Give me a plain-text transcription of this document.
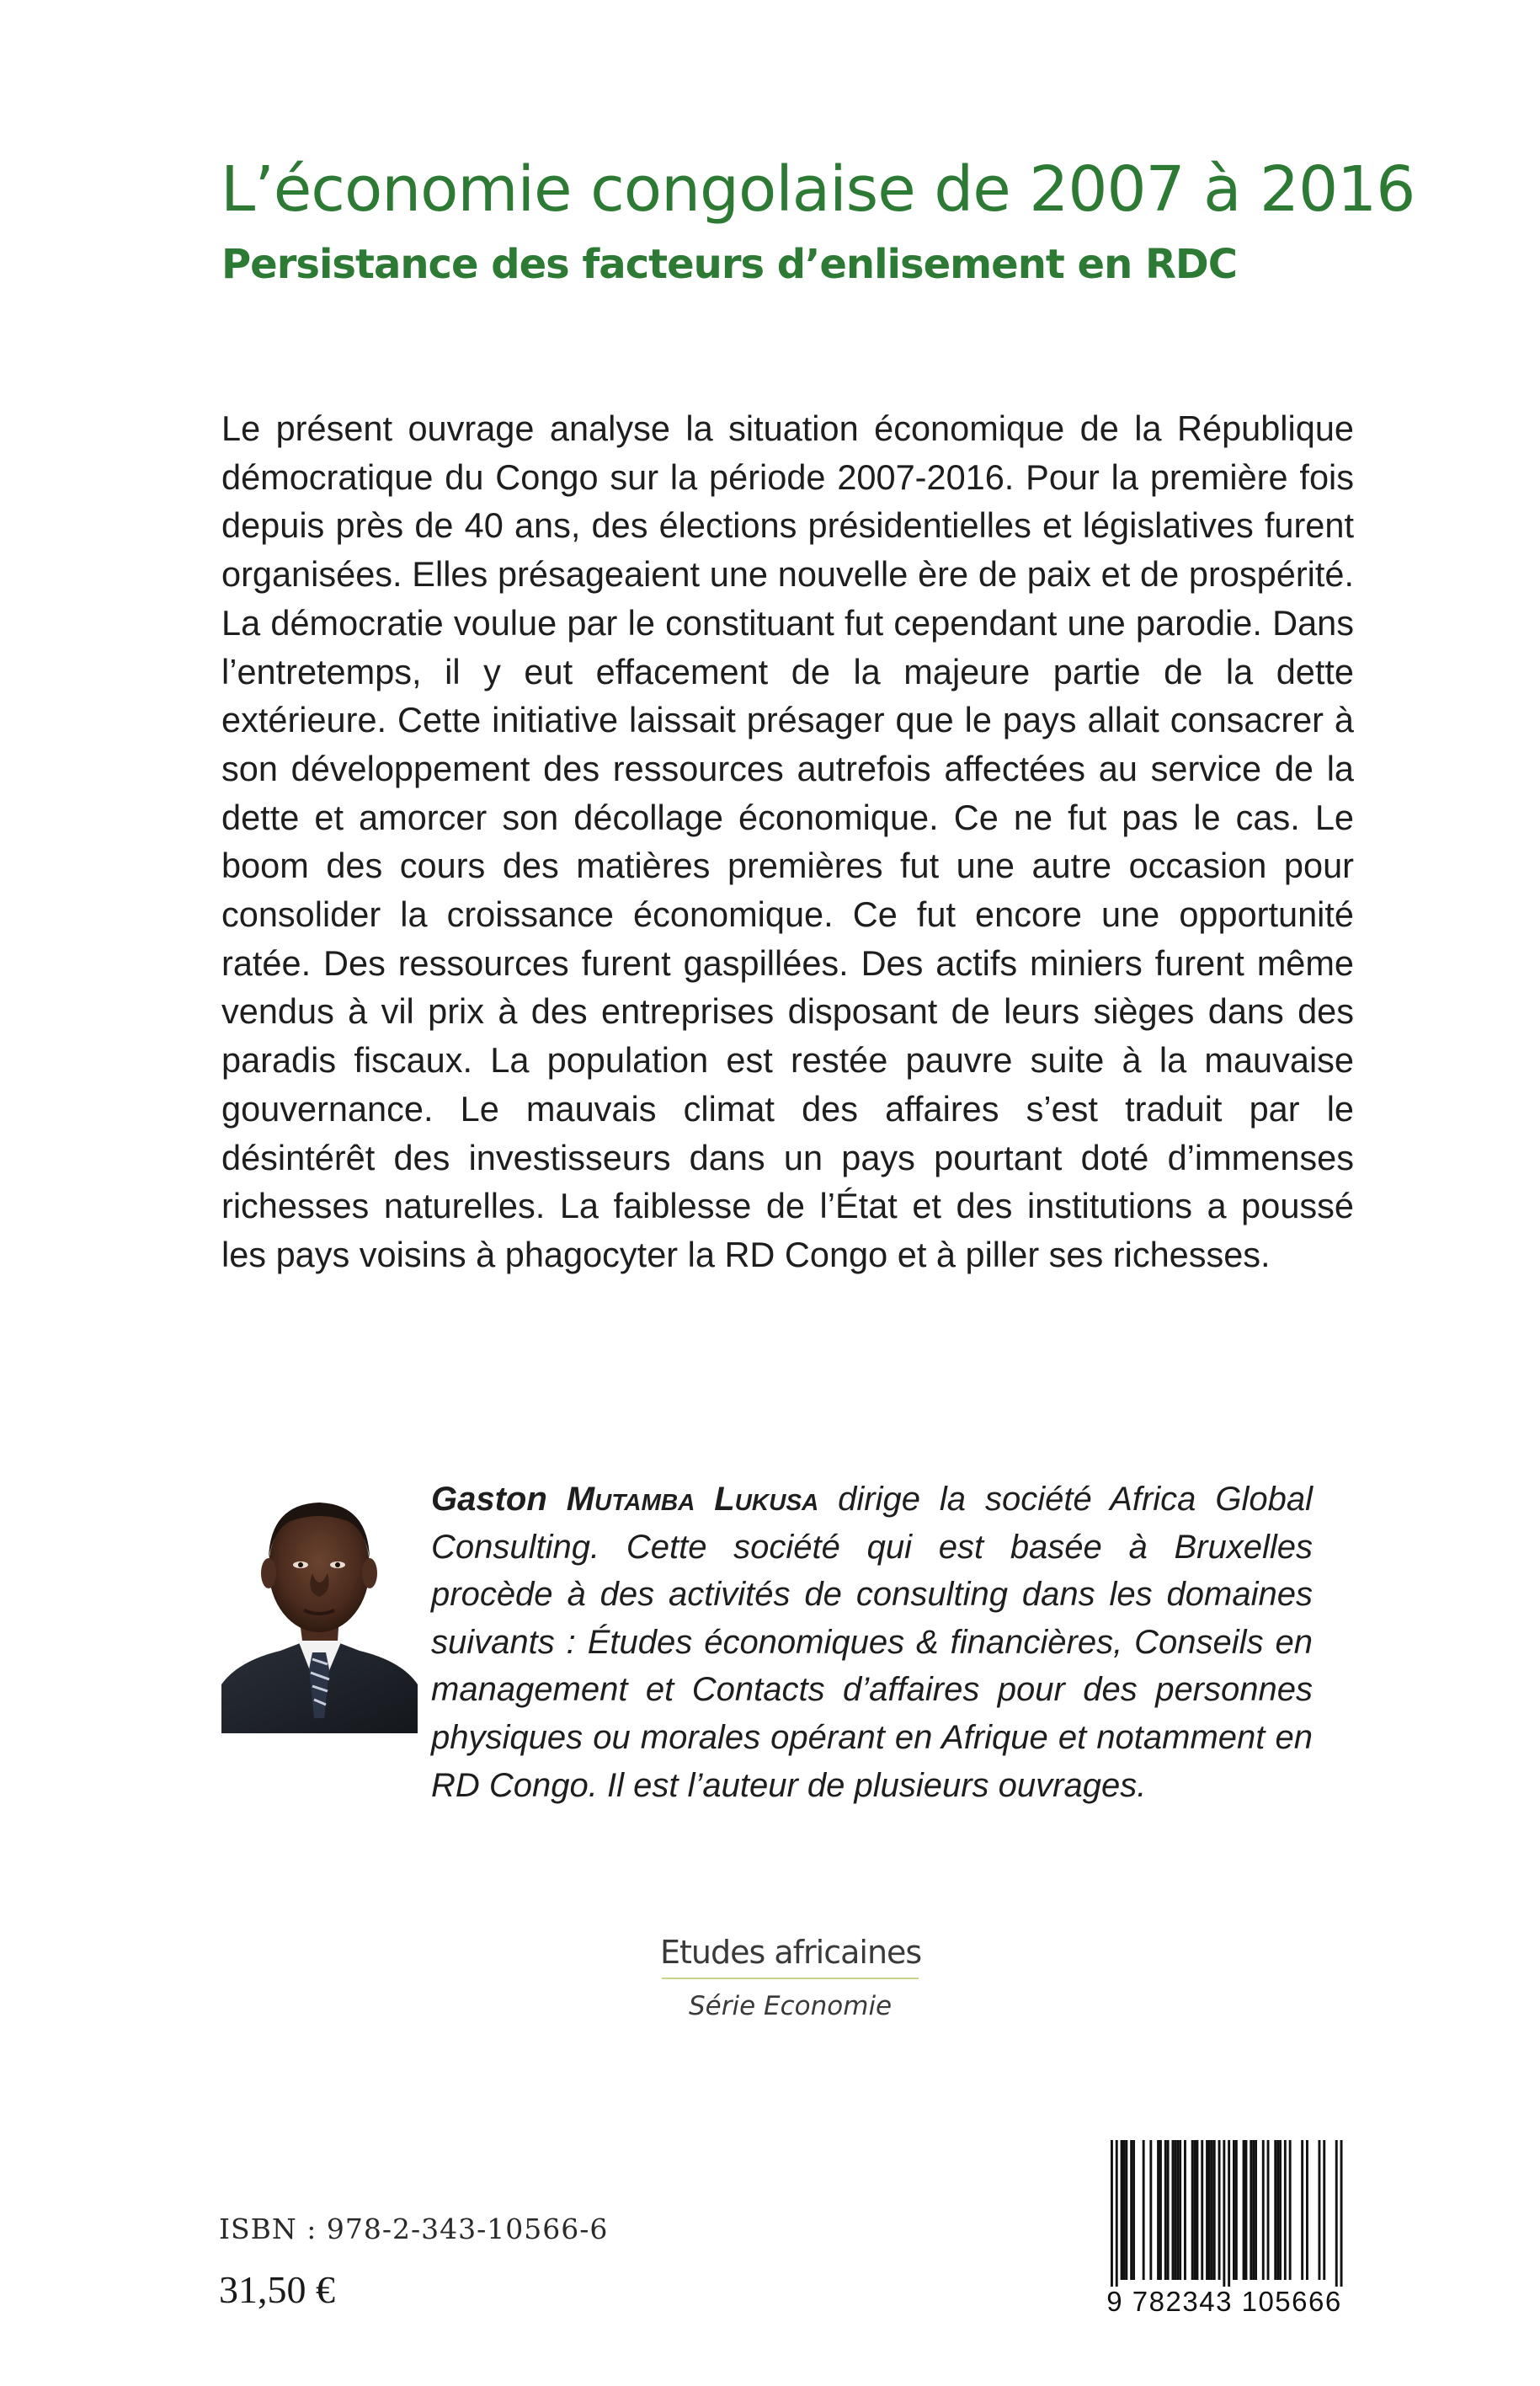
L’économie congolaise de 2007 à 2016
Persistance des facteurs d’enlisement en RDC

Le présent ouvrage analyse la situation économique de la République démocratique du Congo sur la période 2007-2016. Pour la première fois depuis près de 40 ans, des élections présidentielles et législatives furent organisées. Elles présageaient une nouvelle ère de paix et de prospérité. La démocratie voulue par le constituant fut cependant une parodie. Dans l’entretemps, il y eut effacement de la majeure partie de la dette extérieure. Cette initiative laissait présager que le pays allait consacrer à son développement des ressources autrefois affectées au service de la dette et amorcer son décollage économique. Ce ne fut pas le cas. Le boom des cours des matières premières fut une autre occasion pour consolider la croissance économique. Ce fut encore une opportunité ratée. Des ressources furent gaspillées. Des actifs miniers furent même vendus à vil prix à des entreprises disposant de leurs sièges dans des paradis fiscaux. La population est restée pauvre suite à la mauvaise gouvernance. Le mauvais climat des affaires s’est traduit par le désintérêt des investisseurs dans un pays pourtant doté d’immenses richesses naturelles. La faiblesse de l’État et des institutions a poussé les pays voisins à phagocyter la RD Congo et à piller ses richesses.

Gaston Mutamba Lukusa dirige la société Africa Global Consulting. Cette société qui est basée à Bruxelles procède à des activités de consulting dans les domaines suivants : Études économiques & financières, Conseils en management et Contacts d’affaires pour des personnes physiques ou morales opérant en Afrique et notamment en RD Congo. Il est l’auteur de plusieurs ouvrages.

Etudes africaines
Série Economie
ISBN : 978-2-343-10566-6
31,50 €	9 782343 105666
